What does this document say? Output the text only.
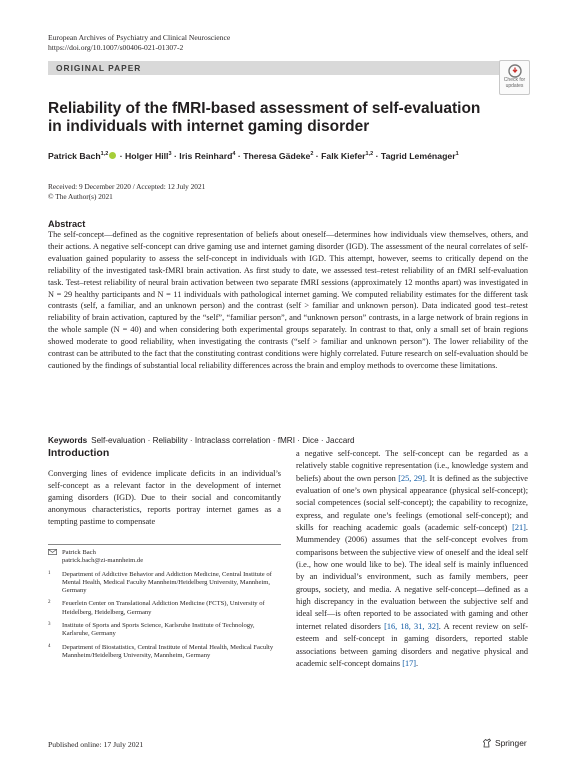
European Archives of Psychiatry and Clinical Neuroscience
https://doi.org/10.1007/s00406-021-01307-2
ORIGINAL PAPER
Check for
updates
Reliability of the fMRI-based assessment of self-evaluation in individuals with internet gaming disorder
Patrick Bach$^{1,2}$ · Holger Hill$^3$ · Iris Reinhard$^4$ · Theresa Gädeke$^2$ · Falk Kiefer$^{1,2}$ · Tagrid Leménager$^1$
Received: 9 December 2020 / Accepted: 12 July 2021
© The Author(s) 2021
Abstract
The self-concept—defined as the cognitive representation of beliefs about oneself—determines how individuals view themselves, others, and their actions. A negative self-concept can drive gaming use and internet gaming disorder (IGD). The assessment of the neural correlates of self-evaluation gained popularity to assess the self-concept in individuals with IGD. This attempt, however, seems to critically depend on the reliability of the investigated task-fMRI brain activation. As first study to date, we assessed test–retest reliability of an fMRI self-evaluation task. Test–retest reliability of neural brain activation between two separate fMRI sessions (approximately 12 months apart) was investigated in N = 29 healthy participants and N = 11 individuals with pathological internet gaming. We computed reliability estimates for the different task contrasts (self, a familiar, and an unknown person) and the contrast (self > familiar and unknown person). Data indicated good test–retest reliability of brain activation, captured by the “self”, “familiar person”, and “unknown person” contrasts, in a large network of brain regions in the whole sample (N = 40) and when considering both experimental groups separately. In contrast to that, only a small set of brain regions showed moderate to good reliability, when investigating the contrasts (“self > familiar and unknown person”). The lower reliability of the contrast can be attributed to the fact that the constituting contrast conditions were highly correlated. Future research on self-evaluation should be cautioned by the findings of substantial local reliability differences across the brain and employ methods to overcome these limitations.
Keywords Self-evaluation · Reliability · Intraclass correlation · fMRI · Dice · Jaccard
Introduction
Converging lines of evidence implicate deficits in an individual’s self-concept as a relevant factor in the development of internet gaming disorders (IGD). Due to their social and concomitantly anonymous characteristics, reports portray internet games as a tempting pastime to compensate
a negative self-concept. The self-concept can be regarded as a relatively stable cognitive representation (i.e., knowledge system and beliefs) about the own person [25, 29]. It is defined as the subjective evaluation of one’s own physical appearance (physical self-concept); social competences (social self-concept); the capability to recognize, express, and regulate one’s feelings (emotional self-concept); and skills for reaching academic goals (academic self-concept) [21]. Mummendey (2006) assumes that the self-concept evolves from comparisons between the subjective view of oneself and the ideal self (i.e., how one would like to be). The ideal self is mainly influenced by an individual’s environment, such as family members, peer groups, society, and media. A negative self-concept—defined as a high discrepancy in the evaluation between the subjective self and ideal self—is often reported to be associated with gaming and other internet related disorders [16, 18, 31, 32]. A recent review on self-esteem and self-concept in gaming disorders, reported stable associations between gaming disorders and negative physical and academic self-concept domains [17].
Patrick Bach
patrick.bach@zi-mannheim.de
1 Department of Addictive Behavior and Addiction Medicine, Central Institute of Mental Health, Medical Faculty Mannheim/Heidelberg University, Mannheim, Germany
2 Feuerlein Center on Translational Addiction Medicine (FCTS), University of Heidelberg, Heidelberg, Germany
3 Institute of Sports and Sports Science, Karlsruhe Institute of Technology, Karlsruhe, Germany
4 Department of Biostatistics, Central Institute of Mental Health, Medical Faculty Mannheim/Heidelberg University, Mannheim, Germany
Published online: 17 July 2021	Springer
